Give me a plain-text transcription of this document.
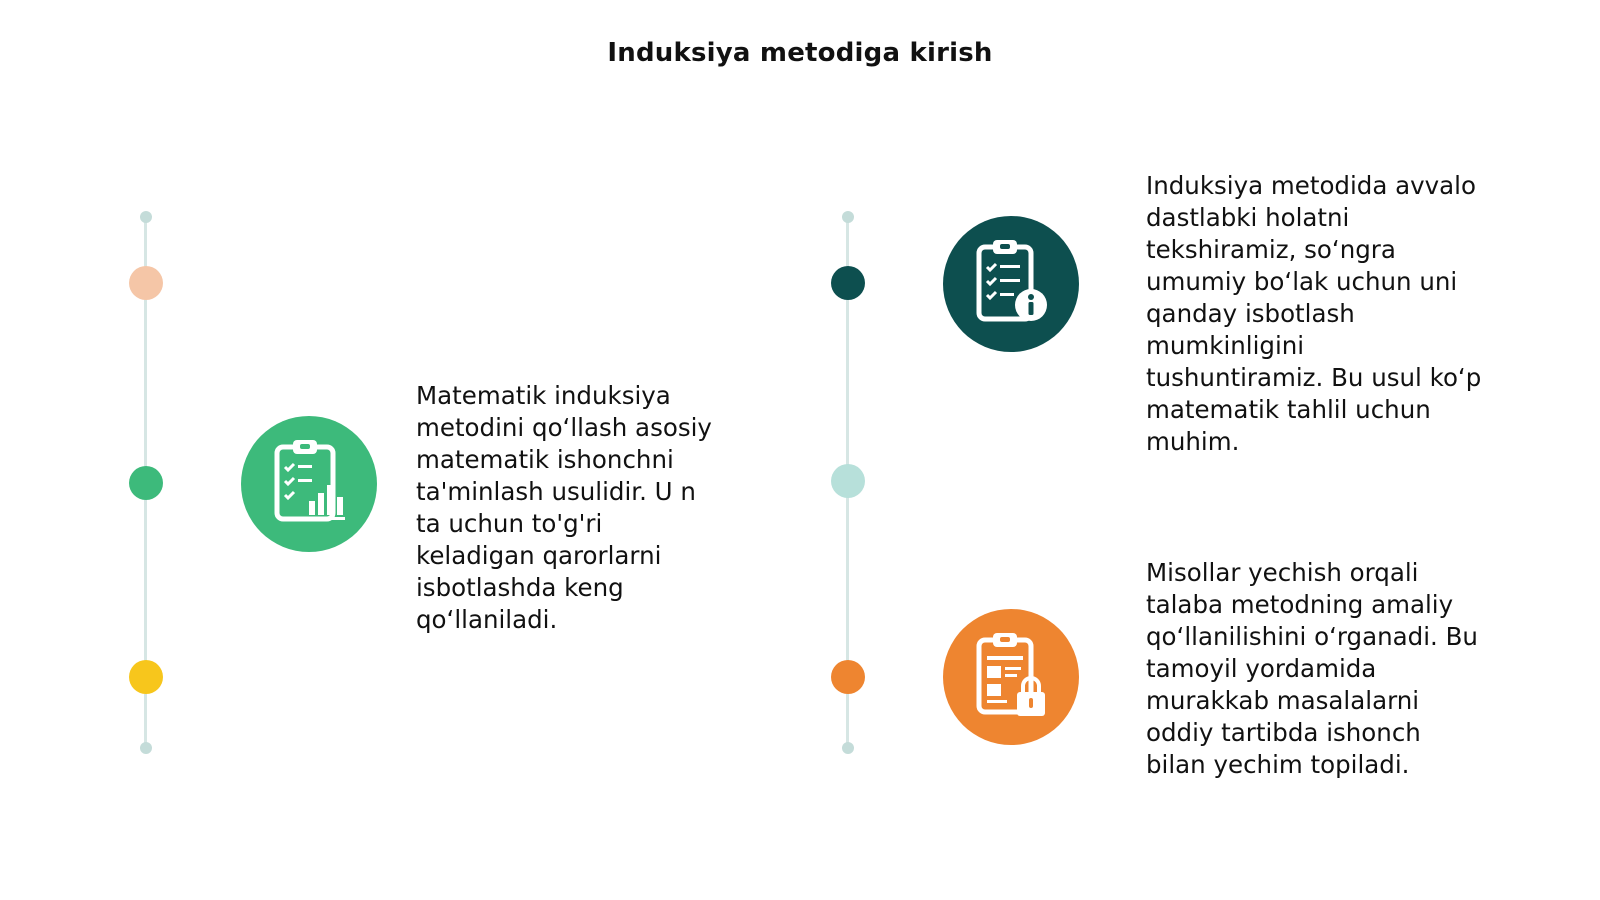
Induksiya metodiga kirish
Matematik induksiya
metodini qo‘llash asosiy
matematik ishonchni
ta'minlash usulidir. U n
ta uchun to'g'ri
keladigan qarorlarni
isbotlashda keng
qo‘llaniladi.
Induksiya metodida avvalo
dastlabki holatni
tekshiramiz, so‘ngra
umumiy bo‘lak uchun uni
qanday isbotlash
mumkinligini
tushuntiramiz. Bu usul ko‘p
matematik tahlil uchun
muhim.
Misollar yechish orqali
talaba metodning amaliy
qo‘llanilishini o‘rganadi. Bu
tamoyil yordamida
murakkab masalalarni
oddiy tartibda ishonch
bilan yechim topiladi.
